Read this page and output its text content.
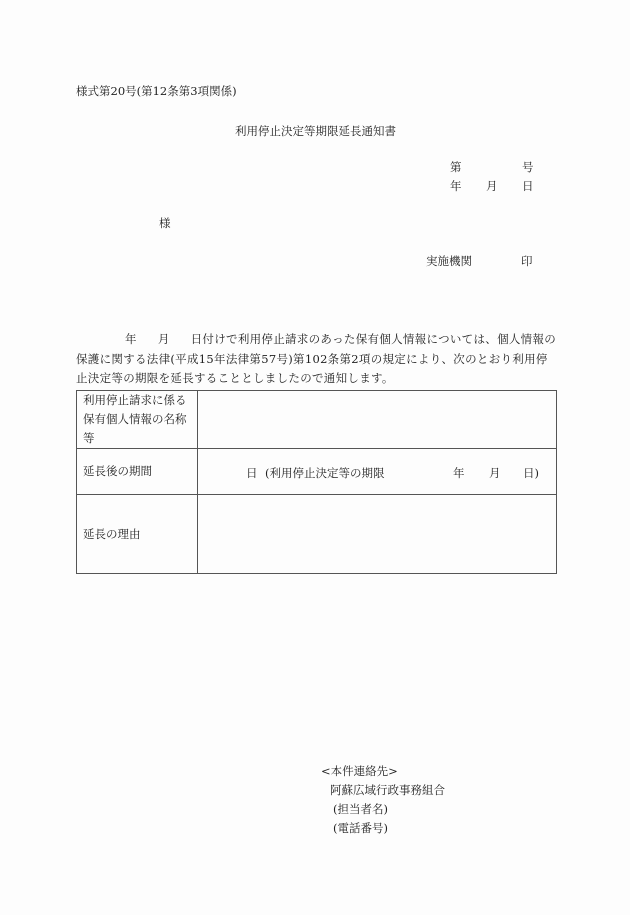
様式第20号(第12条第3項関係)
利用停止決定等期限延長通知書
第	号
年 月 日
様
実施機関	印
年 月 日付けで利用停止請求のあった保有個人情報については、個人情報の保護に関する法律(平成15年法律第57号)第102条第2項の規定により、次のとおり利用停止決定等の期限を延長することとしましたので通知します。
利用停止請求に係る保有個人情報の名称等	
延長後の期間	日 (利用停止決定等の期限 年 月 日)

延長の理由	
<本件連絡先>
阿蘇広域行政事務組合
(担当者名)
(電話番号)
